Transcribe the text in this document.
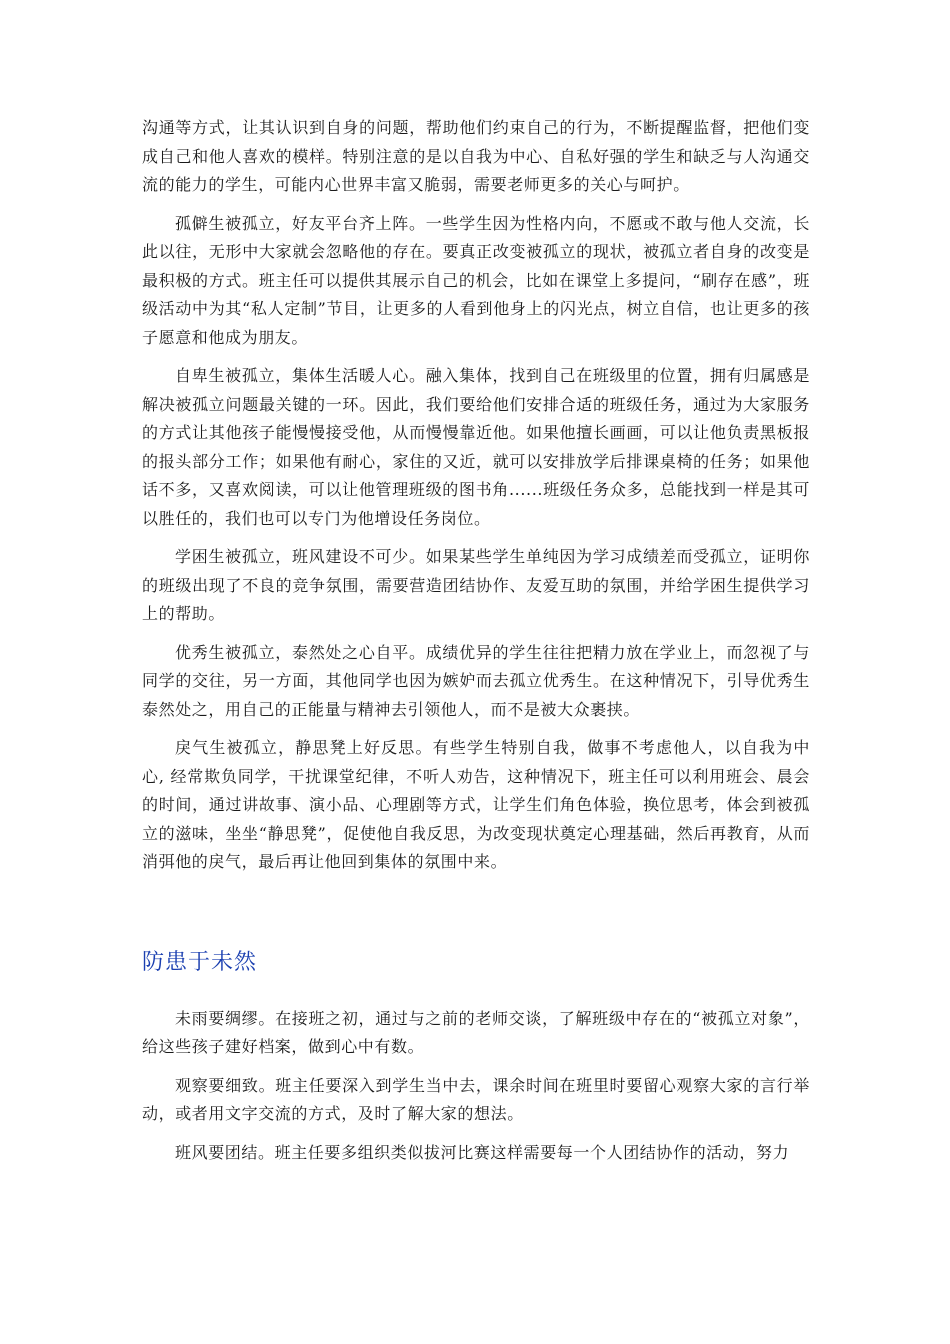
沟通等方式，让其认识到自身的问题，帮助他们约束自己的行为，不断提醒监督，把他们变成自己和他人喜欢的模样。特别注意的是以自我为中心、自私好强的学生和缺乏与人沟通交流的能力的学生，可能内心世界丰富又脆弱，需要老师更多的关心与呵护。

孤僻生被孤立，好友平台齐上阵。一些学生因为性格内向，不愿或不敢与他人交流，长此以往，无形中大家就会忽略他的存在。要真正改变被孤立的现状，被孤立者自身的改变是最积极的方式。班主任可以提供其展示自己的机会，比如在课堂上多提问，“刷存在感”，班级活动中为其“私人定制”节目，让更多的人看到他身上的闪光点，树立自信，也让更多的孩子愿意和他成为朋友。

自卑生被孤立，集体生活暖人心。融入集体，找到自己在班级里的位置，拥有归属感是解决被孤立问题最关键的一环。因此，我们要给他们安排合适的班级任务，通过为大家服务的方式让其他孩子能慢慢接受他，从而慢慢靠近他。如果他擅长画画，可以让他负责黑板报的报头部分工作；如果他有耐心，家住的又近，就可以安排放学后排课桌椅的任务；如果他话不多，又喜欢阅读，可以让他管理班级的图书角......班级任务众多，总能找到一样是其可以胜任的，我们也可以专门为他增设任务岗位。

学困生被孤立，班风建设不可少。如果某些学生单纯因为学习成绩差而受孤立，证明你的班级出现了不良的竞争氛围，需要营造团结协作、友爱互助的氛围，并给学困生提供学习上的帮助。

优秀生被孤立，泰然处之心自平。成绩优异的学生往往把精力放在学业上，而忽视了与同学的交往，另一方面，其他同学也因为嫉妒而去孤立优秀生。在这种情况下，引导优秀生泰然处之，用自己的正能量与精神去引领他人，而不是被大众裹挟。

戾气生被孤立，静思凳上好反思。有些学生特别自我，做事不考虑他人，以自我为中心, 经常欺负同学，干扰课堂纪律，不听人劝告，这种情况下，班主任可以利用班会、晨会的时间，通过讲故事、演小品、心理剧等方式，让学生们角色体验，换位思考，体会到被孤立的滋味，坐坐“静思凳”，促使他自我反思，为改变现状奠定心理基础，然后再教育，从而消弭他的戾气，最后再让他回到集体的氛围中来。

防患于未然

未雨要绸缪。在接班之初，通过与之前的老师交谈，了解班级中存在的“被孤立对象”，给这些孩子建好档案，做到心中有数。

观察要细致。班主任要深入到学生当中去，课余时间在班里时要留心观察大家的言行举动，或者用文字交流的方式，及时了解大家的想法。

班风要团结。班主任要多组织类似拔河比赛这样需要每一个人团结协作的活动，努力
